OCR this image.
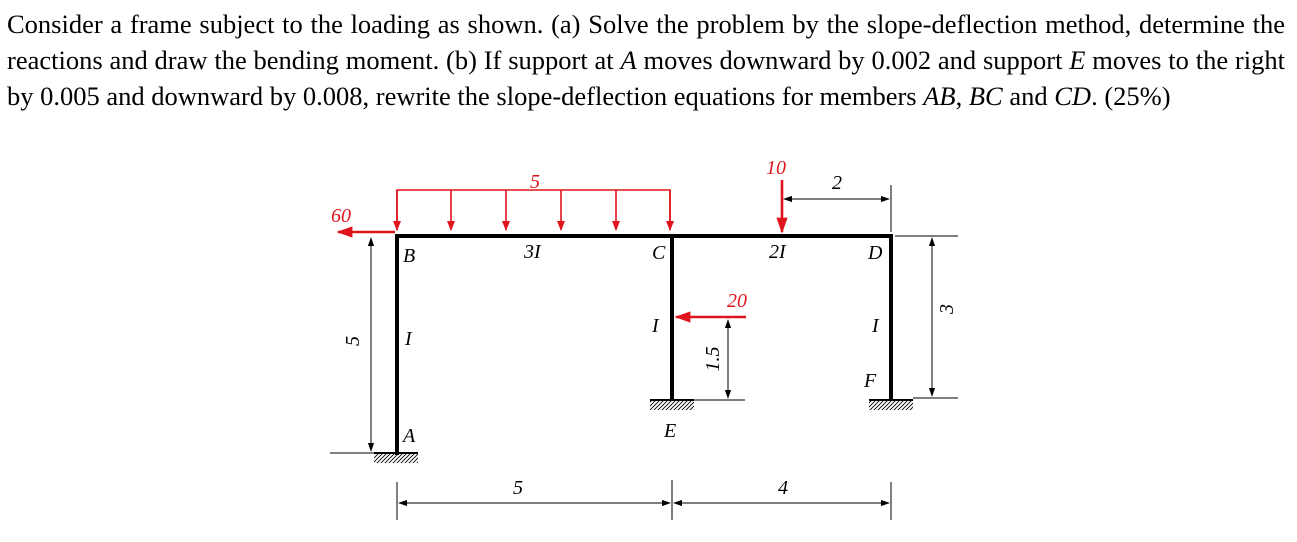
Consider a frame subject to the loading as shown. (a) Solve the problem by the slope-deflection method, determine the reactions and draw the bending moment. (b) If support at A moves downward by 0.002 and support E moves to the right by 0.005 and downward by 0.008, rewrite the slope-deflection equations for members AB, BC and CD. (25%)

5
10
60
20
B	C	D
A	E
F
3I	2I
I
I	I
5
1.5
3
2
5	4
